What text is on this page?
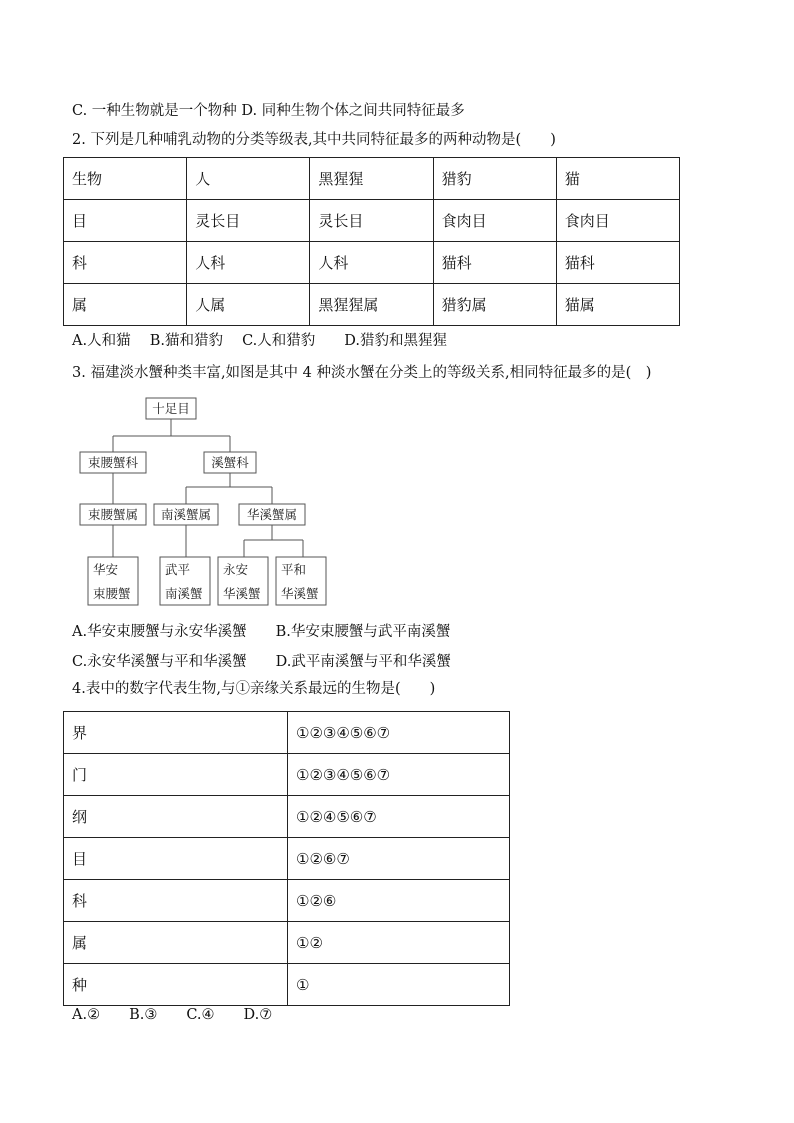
C. 一种生物就是一个物种 D. 同种生物个体之间共同特征最多
2. 下列是几种哺乳动物的分类等级表,其中共同特征最多的两种动物是(　　)
生物	人	黑猩猩	猎豹	猫
目	灵长目	灵长目	食肉目	食肉目
科	人科	人科	猫科	猫科
属	人属	黑猩猩属	猎豹属	猫属
A.人和猫　 B.猫和猎豹　 C.人和猎豹　　D.猎豹和黑猩猩
3. 福建淡水蟹种类丰富,如图是其中 4 种淡水蟹在分类上的等级关系,相同特征最多的是(　)
十足目
束腰蟹科	溪蟹科
束腰蟹属 南溪蟹属	华溪蟹属
华安
束腰蟹
武平
南溪蟹
永安
华溪蟹
平和
华溪蟹
A.华安束腰蟹与永安华溪蟹　　B.华安束腰蟹与武平南溪蟹
C.永安华溪蟹与平和华溪蟹　　D.武平南溪蟹与平和华溪蟹
4.表中的数字代表生物,与①亲缘关系最远的生物是(　　)
界	①②③④⑤⑥⑦
门	①②③④⑤⑥⑦
纲	①②④⑤⑥⑦
目	①②⑥⑦
科	①②⑥
属	①②
种	①
A.②　　B.③　　C.④　　D.⑦
